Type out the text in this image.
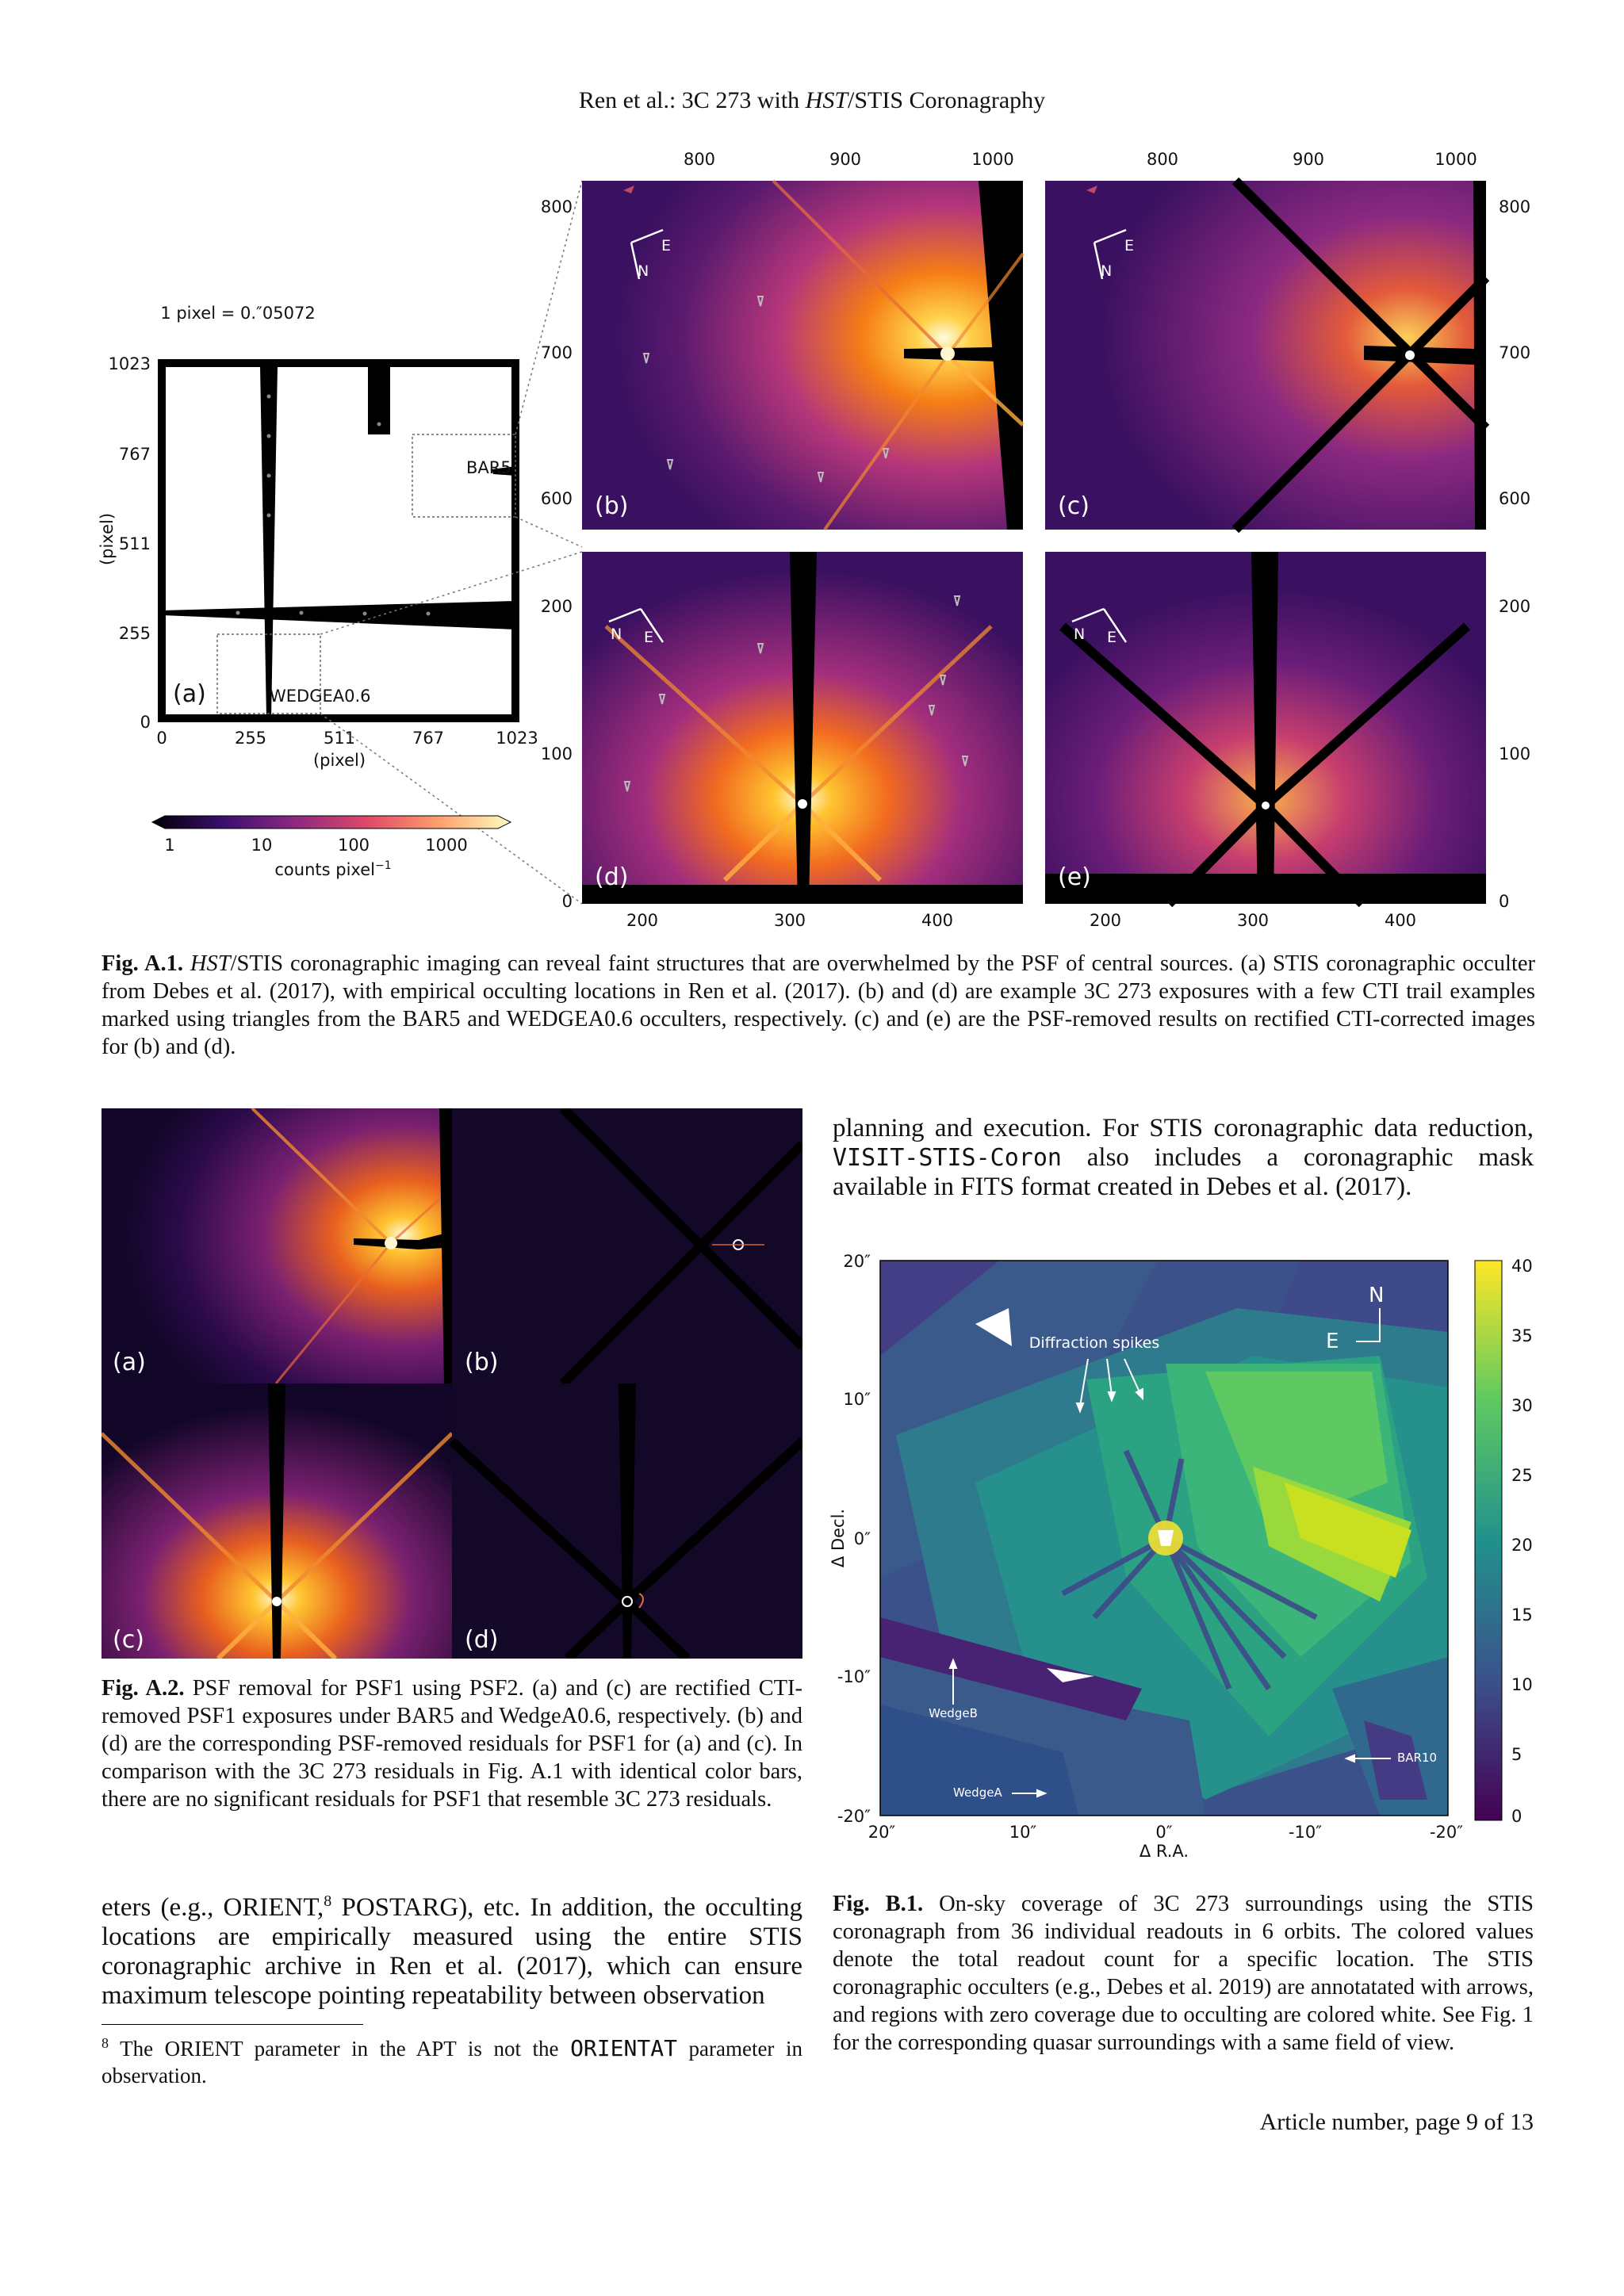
Ren et al.: 3C 273 with HST/STIS Coronagraphy
1 pixel = 0.″05072
(a)	WEDGEA0.6
BAR5
1023
767
511
255
0
0	255	511	767	1023
(pixel)
(pixel)
1	10	100	1000
counts pixel$^{-1}$
(b)
E
N
(c)
E
N
(d)
N E
(e)
N E
800	900	1000	800	900	1000
800
700
600
800
700
600
200
100
0
200
100
0
200	300	400	200	300	400
Fig. A.1. HST/STIS coronagraphic imaging can reveal faint structures that are overwhelmed by the PSF of central sources. (a) STIS coronagraphic occulter from Debes et al. (2017), with empirical occulting locations in Ren et al. (2017). (b) and (d) are example 3C 273 exposures with a few CTI trail examples marked using triangles from the BAR5 and WEDGEA0.6 occulters, respectively. (c) and (e) are the PSF-removed results on rectified CTI-corrected images for (b) and (d).
(a)	(b)
(c)	(d)
Fig. A.2. PSF removal for PSF1 using PSF2. (a) and (c) are rectified CTI-removed PSF1 exposures under BAR5 and WedgeA0.6, respectively. (b) and (d) are the corresponding PSF-removed residuals for PSF1 for (a) and (c). In comparison with the 3C 273 residuals in Fig. A.1 with identical color bars, there are no significant residuals for PSF1 that resemble 3C 273 residuals.
eters (e.g., ORIENT,$^8$ POSTARG), etc. In addition, the occulting locations are empirically measured using the entire STIS coronagraphic archive in Ren et al. (2017), which can ensure maximum telescope pointing repeatability between observation
$^8$ The ORIENT parameter in the APT is not the ORIENTAT parameter in observation.
planning and execution. For STIS coronagraphic data reduction, VISIT-STIS-Coron also includes a coronagraphic mask available in FITS format created in Debes et al. (2017).
Diffraction spikes
N
E
WedgeB
WedgeA
BAR10
20″
10″
0″
-10″
-20″
20″	10″	0″	-10″	-20″
Δ R.A.
Δ Decl.
40
35
30
25
20
15
10
5
0
Fig. B.1. On-sky coverage of 3C 273 surroundings using the STIS coronagraph from 36 individual readouts in 6 orbits. The colored values denote the total readout count for a specific location. The STIS coronagraphic occulters (e.g., Debes et al. 2019) are annotatated with arrows, and regions with zero coverage due to occulting are colored white. See Fig. 1 for the corresponding quasar surroundings with a same field of view.
Article number, page 9 of 13
